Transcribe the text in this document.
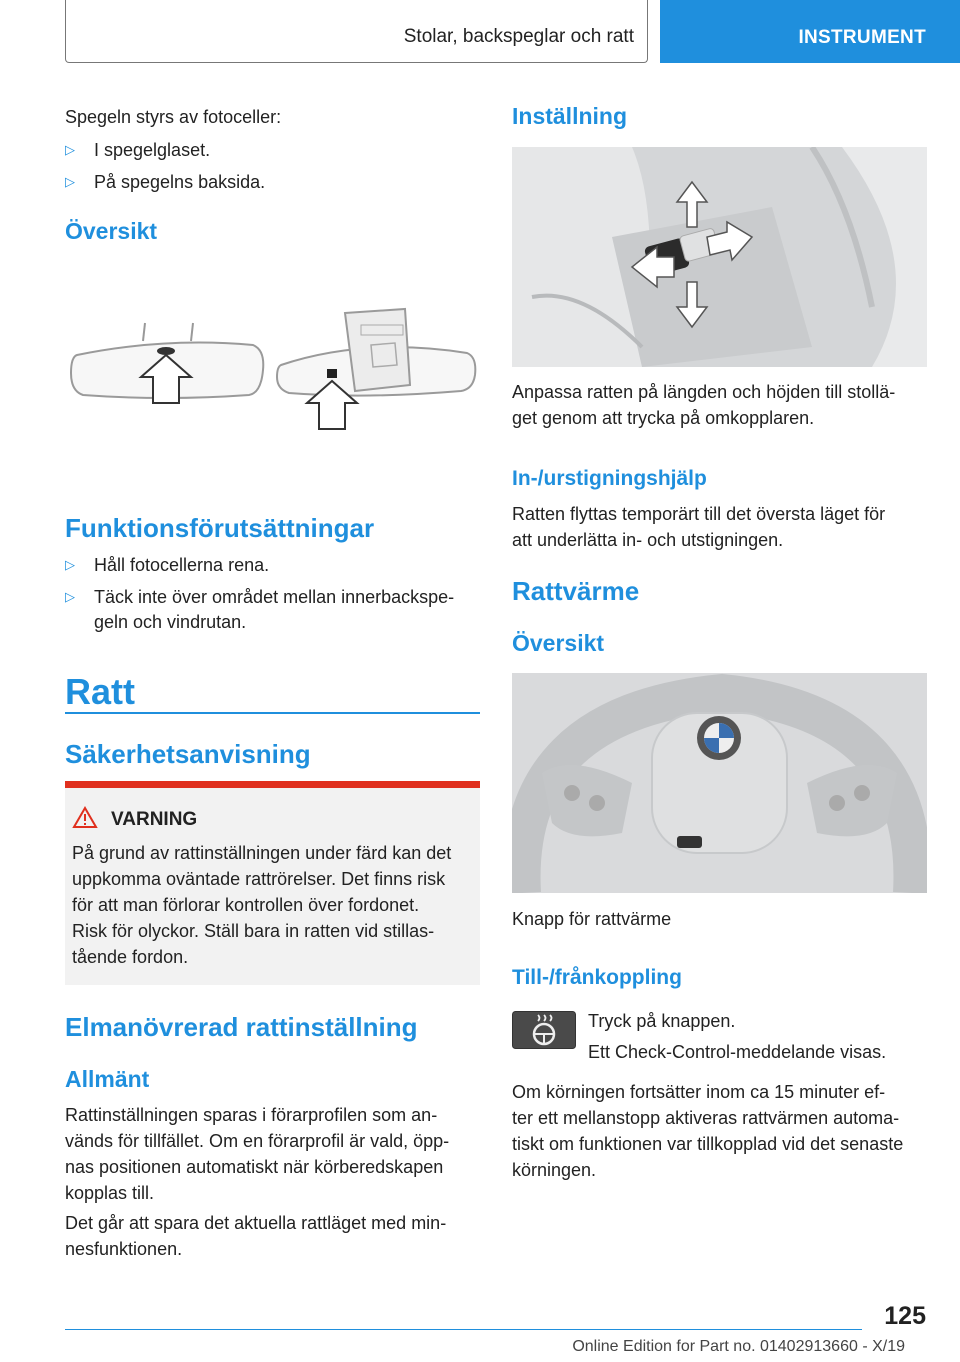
Stolar, backspeglar och ratt	INSTRUMENT
Spegeln styrs av fotoceller:
▷ I spegelglaset.
▷ På spegelns baksida.
Översikt
Funktionsförutsättningar
▷ Håll fotocellerna rena.
▷ Täck inte över området mellan innerbackspe-
geln och vindrutan.
Ratt
Säkerhetsanvisning
VARNING
På grund av rattinställningen under färd kan det
uppkomma oväntade rattrörelser. Det finns risk
för att man förlorar kontrollen över fordonet.
Risk för olyckor. Ställ bara in ratten vid stillas-
tående fordon.
Elmanövrerad rattinställning
Allmänt
Rattinställningen sparas i förarprofilen som an-
vänds för tillfället. Om en förarprofil är vald, öpp-
nas positionen automatiskt när körberedskapen
kopplas till.
Det går att spara det aktuella rattläget med min-
nesfunktionen.
Inställning
Anpassa ratten på längden och höjden till stollä-
get genom att trycka på omkopplaren.
In-/urstigningshjälp
Ratten flyttas temporärt till det översta läget för
att underlätta in- och utstigningen.
Rattvärme
Översikt
Knapp för rattvärme
Till-/frånkoppling
Tryck på knappen.
Ett Check-Control-meddelande visas.
Om körningen fortsätter inom ca 15 minuter ef-
ter ett mellanstopp aktiveras rattvärmen automa-
tiskt om funktionen var tillkopplad vid det senaste
körningen.
125
Online Edition for Part no. 01402913660 - X/19
